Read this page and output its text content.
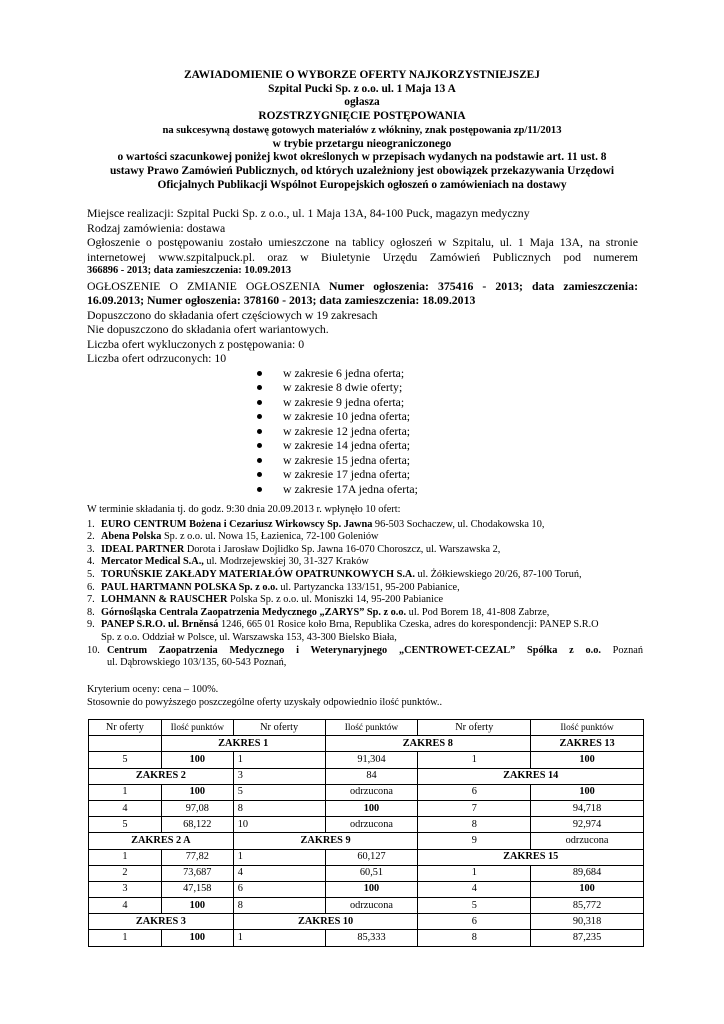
ZAWIADOMIENIE O WYBORZE OFERTY NAJKORZYSTNIEJSZEJ
Szpital Pucki Sp. z o.o. ul. 1 Maja 13 A
ogłasza
ROZSTRZYGNIĘCIE POSTĘPOWANIA
na sukcesywną dostawę gotowych materiałów z włókniny, znak postępowania zp/11/2013
w trybie przetargu nieograniczonego
o wartości szacunkowej poniżej kwot określonych w przepisach wydanych na podstawie art. 11 ust. 8
ustawy Prawo Zamówień Publicznych, od których uzależniony jest obowiązek przekazywania Urzędowi
Oficjalnych Publikacji Wspólnot Europejskich ogłoszeń o zamówieniach na dostawy
Miejsce realizacji: Szpital Pucki Sp. z o.o., ul. 1 Maja 13A, 84-100 Puck, magazyn medyczny
Rodzaj zamówienia: dostawa
Ogłoszenie o postępowaniu zostało umieszczone na tablicy ogłoszeń w Szpitalu, ul. 1 Maja 13A, na stronie
internetowej www.szpitalpuck.pl. oraz w Biuletynie Urzędu Zamówień Publicznych pod numerem
366896 - 2013; data zamieszczenia: 10.09.2013
OGŁOSZENIE O ZMIANIE OGŁOSZENIA Numer ogłoszenia: 375416 - 2013; data zamieszczenia:
16.09.2013; Numer ogłoszenia: 378160 - 2013; data zamieszczenia: 18.09.2013
Dopuszczono do składania ofert częściowych w 19 zakresach
Nie dopuszczono do składania ofert wariantowych.
Liczba ofert wykluczonych z postępowania: 0
Liczba ofert odrzuconych: 10
w zakresie 6 jedna oferta;
w zakresie 8 dwie oferty;
w zakresie 9 jedna oferta;
w zakresie 10 jedna oferta;
w zakresie 12 jedna oferta;
w zakresie 14 jedna oferta;
w zakresie 15 jedna oferta;
w zakresie 17 jedna oferta;
w zakresie 17A jedna oferta;
W terminie składania tj. do godz. 9:30 dnia 20.09.2013 r. wpłynęło 10 ofert:
1. EURO CENTRUM Bożena i Cezariusz Wirkowscy Sp. Jawna 96-503 Sochaczew, ul. Chodakowska 10,
2. Abena Polska Sp. z o.o. ul. Nowa 15, Łazienica, 72-100 Goleniów
3. IDEAL PARTNER Dorota i Jarosław Dojlidko Sp. Jawna 16-070 Choroszcz, ul. Warszawska 2,
4. Mercator Medical S.A., ul. Modrzejewskiej 30, 31-327 Kraków
5. TORUŃSKIE ZAKŁADY MATERIAŁÓW OPATRUNKOWYCH S.A. ul. Żółkiewskiego 20/26, 87-100 Toruń,
6. PAUL HARTMANN POLSKA Sp. z o.o. ul. Partyzancka 133/151, 95-200 Pabianice,
7. LOHMANN & RAUSCHER Polska Sp. z o.o. ul. Moniszki 14, 95-200 Pabianice
8. Górnośląska Centrala Zaopatrzenia Medycznego „ZARYS” Sp. z o.o. ul. Pod Borem 18, 41-808 Zabrze,
9. PANEP S.R.O. ul. Brněnsá 1246, 665 01 Rosice koło Brna, Republika Czeska, adres do korespondencji: PANEP S.R.O
Sp. z o.o. Oddział w Polsce, ul. Warszawska 153, 43-300 Bielsko Biała,
10. Centrum Zaopatrzenia Medycznego i Weterynaryjnego „CENTROWET-CEZAL” Spółka z o.o. Poznań
ul. Dąbrowskiego 103/135, 60-543 Poznań,
Kryterium oceny: cena – 100%.
Stosownie do powyższego poszczególne oferty uzyskały odpowiednio ilość punktów..
Nr oferty	Ilość punktów	Nr oferty	Ilość punktów	Nr oferty	Ilość punktów
	ZAKRES 1		ZAKRES 8		ZAKRES 13
5	100	1	91,304	1	100
ZAKRES 2		3	84	ZAKRES 14	
1	100	5	odrzucona	6	100
4	97,08	8	100	7	94,718
5	68,122	10	odrzucona	8	92,974
ZAKRES 2 A		ZAKRES 9		9	odrzucona
1	77,82	1	60,127	ZAKRES 15	
2	73,687	4	60,51	1	89,684
3	47,158	6	100	4	100
4	100	8	odrzucona	5	85,772
ZAKRES 3		ZAKRES 10		6	90,318
1	100	1	85,333	8	87,235
